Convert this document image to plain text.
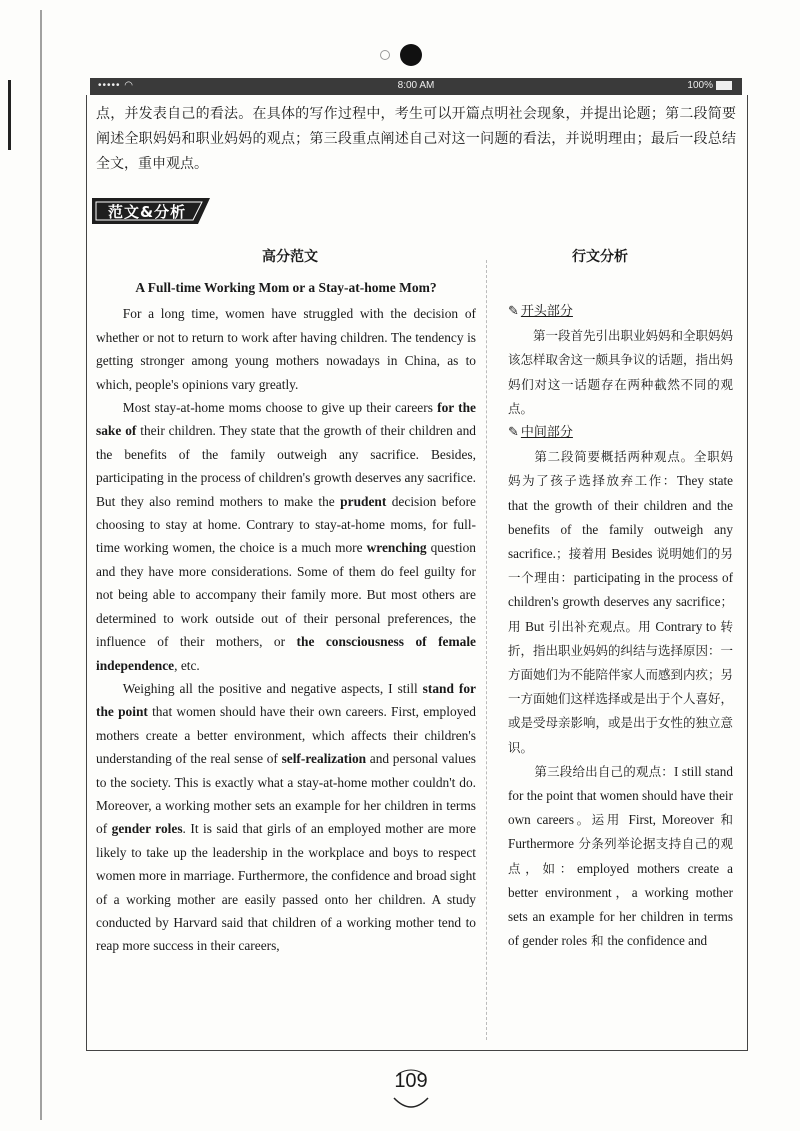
••••• ◠	8:00 AM	100%
点，并发表自己的看法。在具体的写作过程中，考生可以开篇点明社会现象，并提出论题；第二段简要阐述全职妈妈和职业妈妈的观点；第三段重点阐述自己对这一问题的看法，并说明理由；最后一段总结全文，重申观点。
范文&分析
高分范文	行文分析
A Full-time Working Mom or a Stay-at-home Mom?

For a long time, women have struggled with the decision of whether or not to return to work after having children. The tendency is getting stronger among young mothers nowadays in China, as to which, people's opinions vary greatly.

Most stay-at-home moms choose to give up their careers for the sake of their children. They state that the growth of their children and the benefits of the family outweigh any sacrifice. Besides, participating in the process of children's growth deserves any sacrifice. But they also remind mothers to make the prudent decision before choosing to stay at home. Contrary to stay-at-home moms, for full-time working women, the choice is a much more wrenching question and they have more considerations. Some of them do feel guilty for not being able to accompany their family more. But most others are determined to work outside out of their personal preferences, the influence of their mothers, or the consciousness of female independence, etc.

Weighing all the positive and negative aspects, I still stand for the point that women should have their own careers. First, employed mothers create a better environment, which affects their children's understanding of the real sense of self-realization and personal values to the society. This is exactly what a stay-at-home mother couldn't do. Moreover, a working mother sets an example for her children in terms of gender roles. It is said that girls of an employed mother are more likely to take up the leadership in the workplace and boys to respect women more in marriage. Furthermore, the confidence and broad sight of a working mother are easily passed onto her children. A study conducted by Harvard said that children of a working mother tend to reap more success in their careers,

✎ 开头部分

第一段首先引出职业妈妈和全职妈妈该怎样取舍这一颇具争议的话题，指出妈妈们对这一话题存在两种截然不同的观点。

✎ 中间部分

第二段简要概括两种观点。全职妈妈为了孩子选择放弃工作：They state that the growth of their children and the benefits of the family outweigh any sacrifice.；接着用 Besides 说明她们的另一个理由：participating in the process of children's growth deserves any sacrifice；用 But 引出补充观点。用 Contrary to 转折，指出职业妈妈的纠结与选择原因：一方面她们为不能陪伴家人而感到内疚；另一方面她们这样选择或是出于个人喜好，或是受母亲影响，或是出于女性的独立意识。

第三段给出自己的观点：I still stand for the point that women should have their own careers。运用 First, Moreover 和 Furthermore 分条列举论据支持自己的观点，如：employed mothers create a better environment，a working mother sets an example for her children in terms of gender roles 和 the confidence and

109
